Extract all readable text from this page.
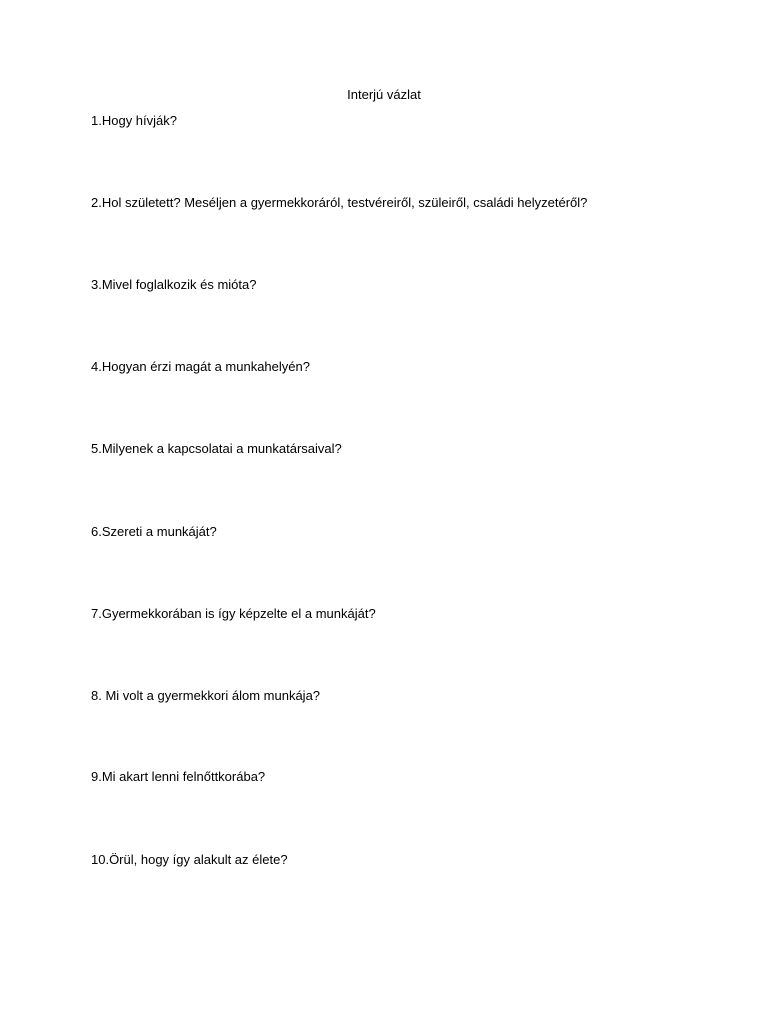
Interjú vázlat
1.Hogy hívják?
2.Hol született? Meséljen a gyermekkoráról, testvéreiről, szüleiről, családi helyzetéről?
3.Mivel foglalkozik és mióta?
4.Hogyan érzi magát a munkahelyén?
5.Milyenek a kapcsolatai a munkatársaival?
6.Szereti a munkáját?
7.Gyermekkorában is így képzelte el a munkáját?
8. Mi volt a gyermekkori álom munkája?
9.Mi akart lenni felnőttkorába?
10.Örül, hogy így alakult az élete?
